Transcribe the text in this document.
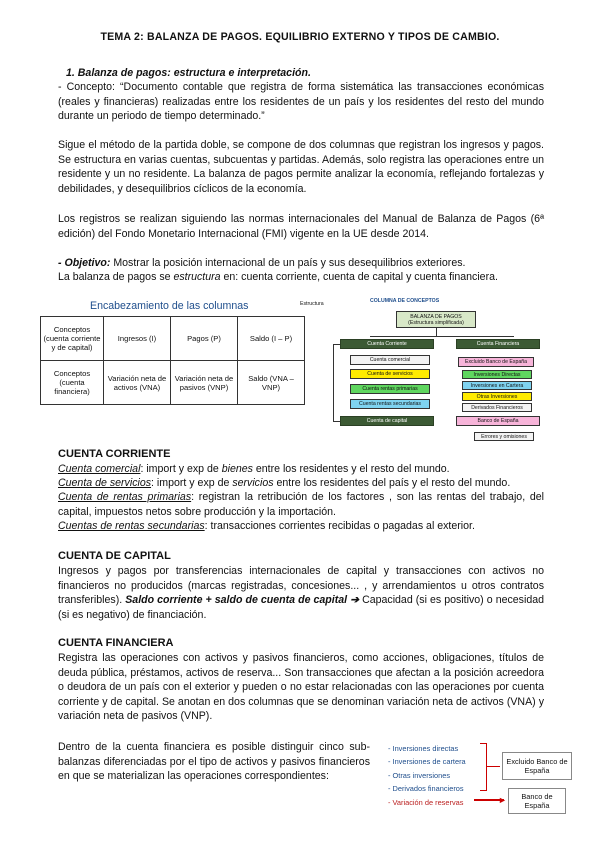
TEMA 2: BALANZA DE PAGOS. EQUILIBRIO EXTERNO Y TIPOS DE CAMBIO.
1. Balanza de pagos: estructura e interpretación.
- Concepto: “Documento contable que registra de forma sistemática las transacciones económicas (reales y financieras) realizadas entre los residentes de un país y los residentes del resto del mundo durante un periodo de tiempo determinado.”
Sigue el método de la partida doble, se compone de dos columnas que registran los ingresos y pagos. Se estructura en varias cuentas, subcuentas y partidas. Además, solo registra las operaciones entre un residente y un no residente. La balanza de pagos permite analizar la economía, reflejando fortalezas y debilidades, y desequilibrios cíclicos de la economía.
Los registros se realizan siguiendo las normas internacionales del Manual de Balanza de Pagos (6ª edición) del Fondo Monetario Internacional (FMI) vigente en la UE desde 2014.
- Objetivo: Mostrar la posición internacional de un país y sus desequilibrios exteriores.
La balanza de pagos se estructura en: cuenta corriente, cuenta de capital y cuenta financiera.
Encabezamiento de las columnas
Conceptos (cuenta corriente y de capital)	Ingresos (I)	Pagos (P)	Saldo (I – P)
Conceptos (cuenta financiera)	Variación neta de activos (VNA)	Variación neta de pasivos (VNP)	Saldo (VNA – VNP)
Estructura	COLUMNA DE CONCEPTOS
BALANZA DE PAGOS (Estructura simplificada)
Cuenta Corriente	Cuenta Financiera
Cuenta comercial
Cuenta de servicios
Cuenta rentas primarias
Cuenta rentas secundarias
Cuenta de capital
Excluido Banco de España
Inversiones Directas
Inversiones en Cartera
Otras Inversiones
Derivados Financieros
Banco de España
Errores y omisiones
CUENTA CORRIENTE
Cuenta comercial: import y exp de bienes entre los residentes y el resto del mundo.
Cuenta de servicios: import y exp de servicios entre los residentes del país y el resto del mundo.
Cuenta de rentas primarias: registran la retribución de los factores , son las rentas del trabajo, del capital, impuestos netos sobre producción y la importación.
Cuentas de rentas secundarias: transacciones corrientes recibidas o pagadas al exterior.
CUENTA DE CAPITAL
Ingresos y pagos por transferencias internacionales de capital y transacciones con activos no financieros no producidos (marcas registradas, concesiones... , y arrendamientos u otros contratos transferibles). Saldo corriente + saldo de cuenta de capital ➔ Capacidad (si es positivo) o necesidad (si es negativo) de financiación.
CUENTA FINANCIERA
Registra las operaciones con activos y pasivos financieros, como acciones, obligaciones, títulos de deuda pública, préstamos, activos de reserva... Son transacciones que afectan a la posición acreedora o deudora de un país con el exterior y pueden o no estar relacionadas con las operaciones por cuenta corriente y de capital. Se anotan en dos columnas que se denominan variación neta de activos (VNA) y variación neta de pasivos (VNP).
Dentro de la cuenta financiera es posible distinguir cinco sub-balanzas diferenciadas por el tipo de activos y pasivos financieros en que se materializan las operaciones correspondientes:
- Inversiones directas
- Inversiones de cartera
- Otras inversiones
- Derivados financieros
- Variación de reservas
Excluido Banco de España
►	Banco de España
